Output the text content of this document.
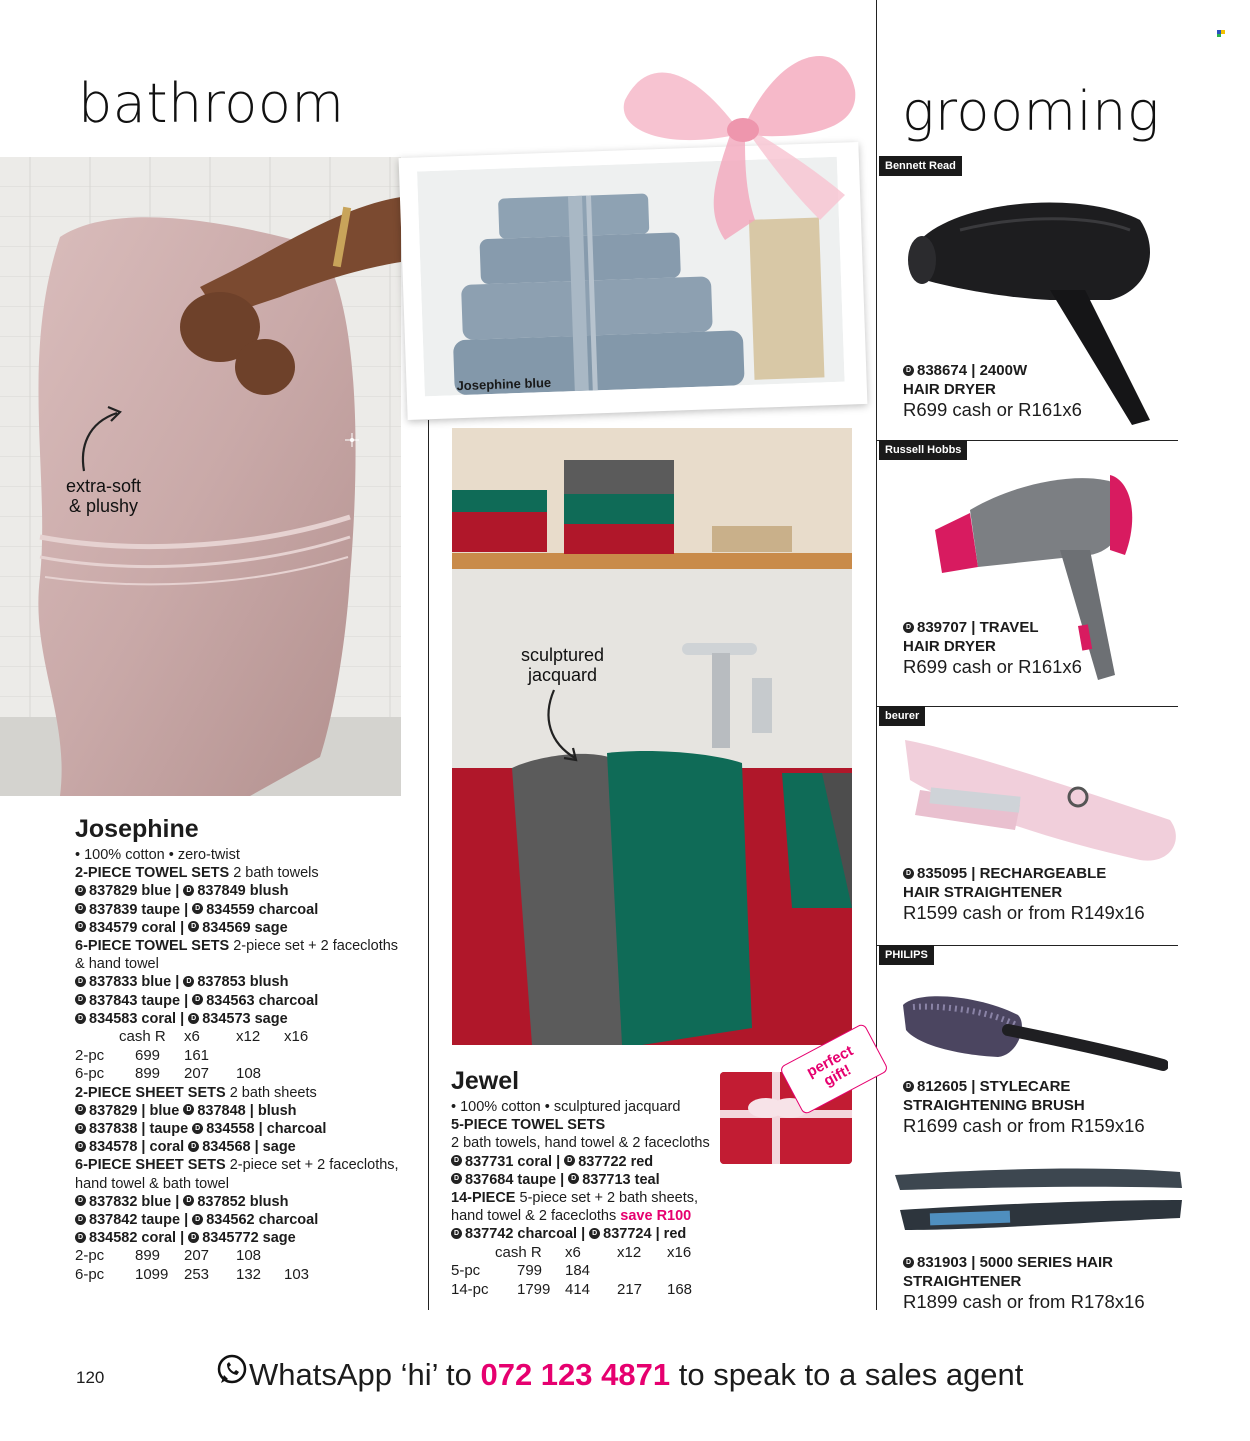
bathroom	grooming
extra-soft
& plushy
Josephine blue
sculptured
jacquard
perfect
gift!
Josephine
• 100% cotton • zero-twist
2-PIECE TOWEL SETS 2 bath towels
D 837829 blue | D 837849 blush
D 837839 taupe | D 834559 charcoal
D 834579 coral | D 834569 sage
6-PIECE TOWEL SETS 2-piece set + 2 facecloths
& hand towel
D 837833 blue | D 837853 blush
D 837843 taupe | D 834563 charcoal
D 834583 coral | D 834573 sage
	cash R	x6	x12	x16
2-pc	699	161		
6-pc	899	207	108	
2-PIECE SHEET SETS 2 bath sheets
D 837829 | blue D 837848 | blush
D 837838 | taupe D 834558 | charcoal
D 834578 | coral D 834568 | sage
6-PIECE SHEET SETS 2-piece set + 2 facecloths,
hand towel & bath towel
D 837832 blue | D 837852 blush
D 837842 taupe | D 834562 charcoal
D 834582 coral | D 8345772 sage
2-pc	899	207	108	
6-pc	1099	253	132	103
Jewel
• 100% cotton • sculptured jacquard
5-PIECE TOWEL SETS
2 bath towels, hand towel & 2 facecloths
D 837731 coral | D 837722 red
D 837684 taupe | D 837713 teal
14-PIECE 5-piece set + 2 bath sheets,
hand towel & 2 facecloths save R100
D 837742 charcoal | D 837724 | red
	cash R	x6	x12	x16
5-pc	799	184		
14-pc	1799	414	217	168
Bennett Read
D 838674 | 2400W
HAIR DRYER
R699 cash or R161x6
Russell Hobbs
D 839707 | TRAVEL
HAIR DRYER
R699 cash or R161x6
beurer
D 835095 | RECHARGEABLE
HAIR STRAIGHTENER
R1599 cash or from R149x16
PHILIPS
D 812605 | STYLECARE
STRAIGHTENING BRUSH
R1699 cash or from R159x16
D 831903 | 5000 SERIES HAIR
STRAIGHTENER
R1899 cash or from R178x16
120	WhatsApp ‘hi’ to 072 123 4871 to speak to a sales agent
